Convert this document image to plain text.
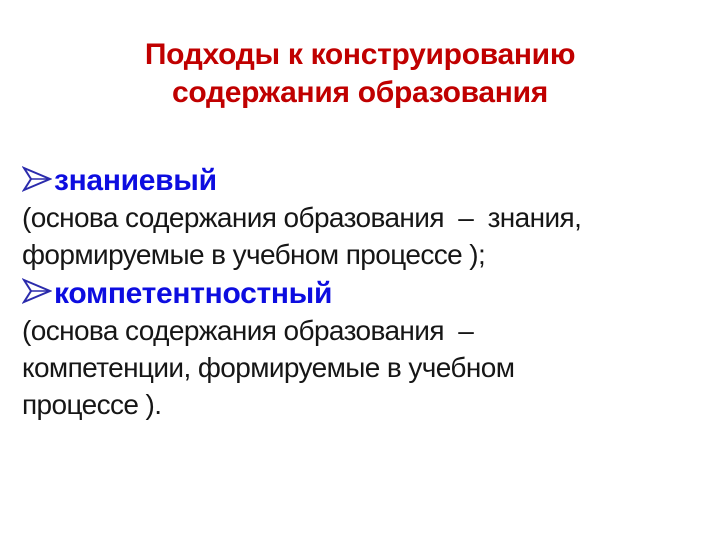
Подходы к конструированию
содержания образования
знаниевый
(основа содержания образования  –  знания,
формируемые в учебном процессе );
компетентностный
(основа содержания образования  –
компетенции, формируемые в учебном
процессе ).
